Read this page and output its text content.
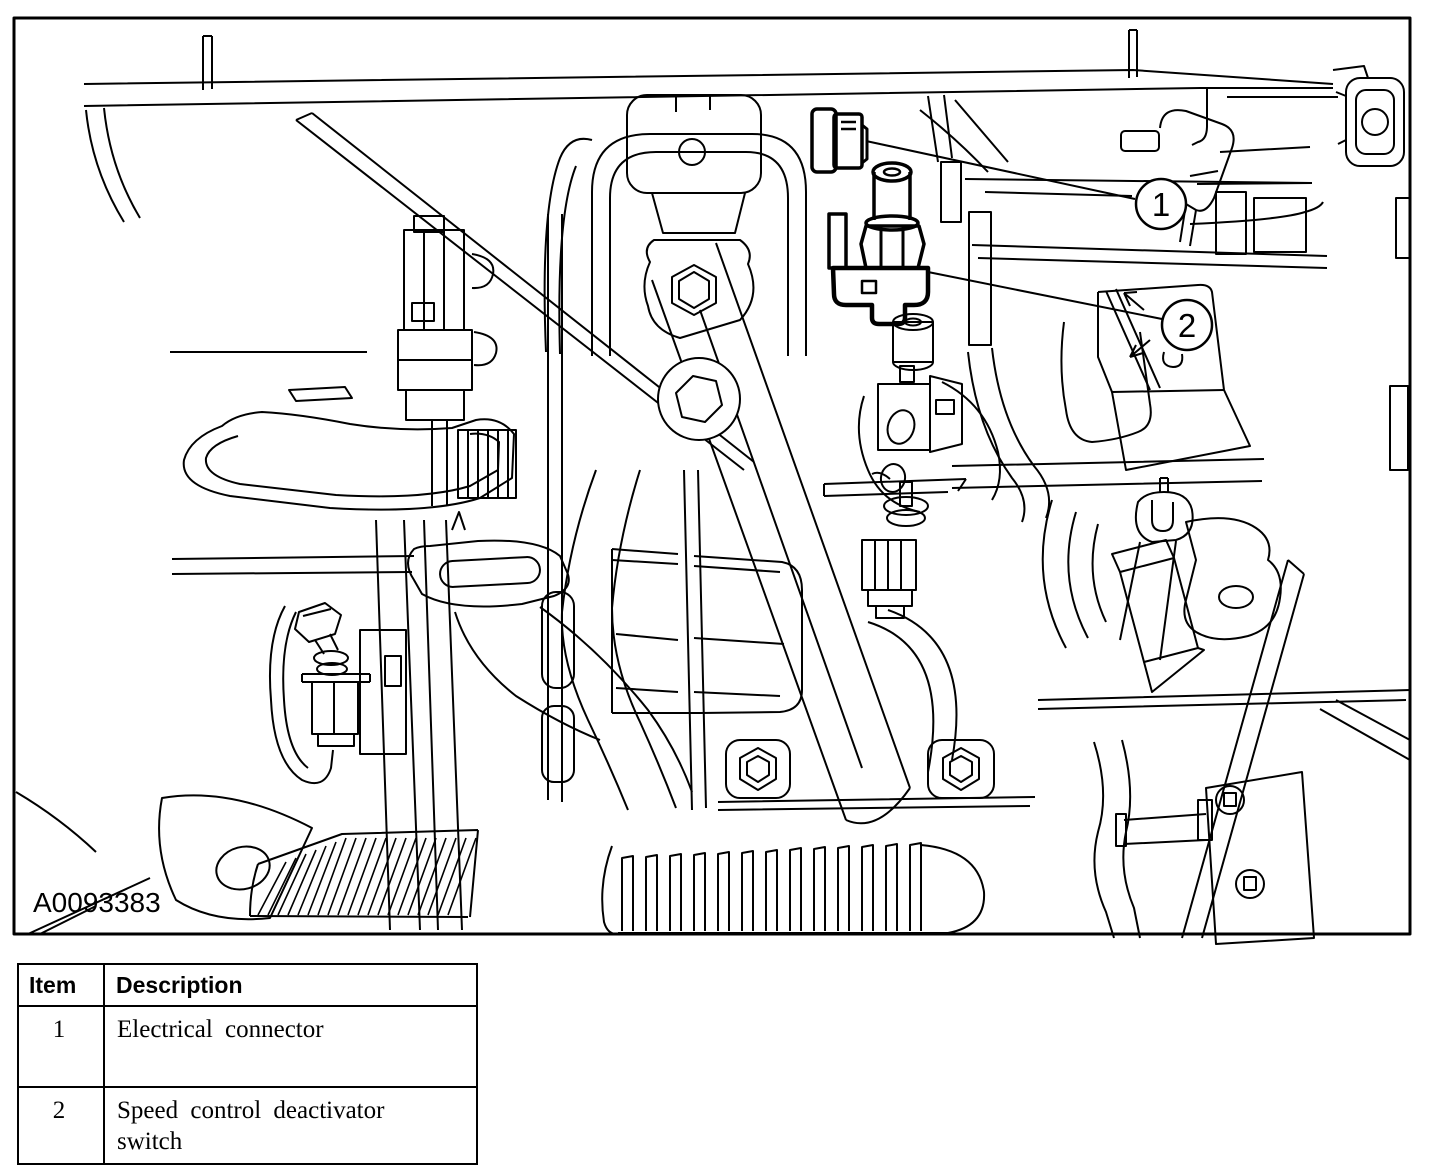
1
2
A0093383
Item	Description
1	Electrical connector
2	Speed control deactivator switch
